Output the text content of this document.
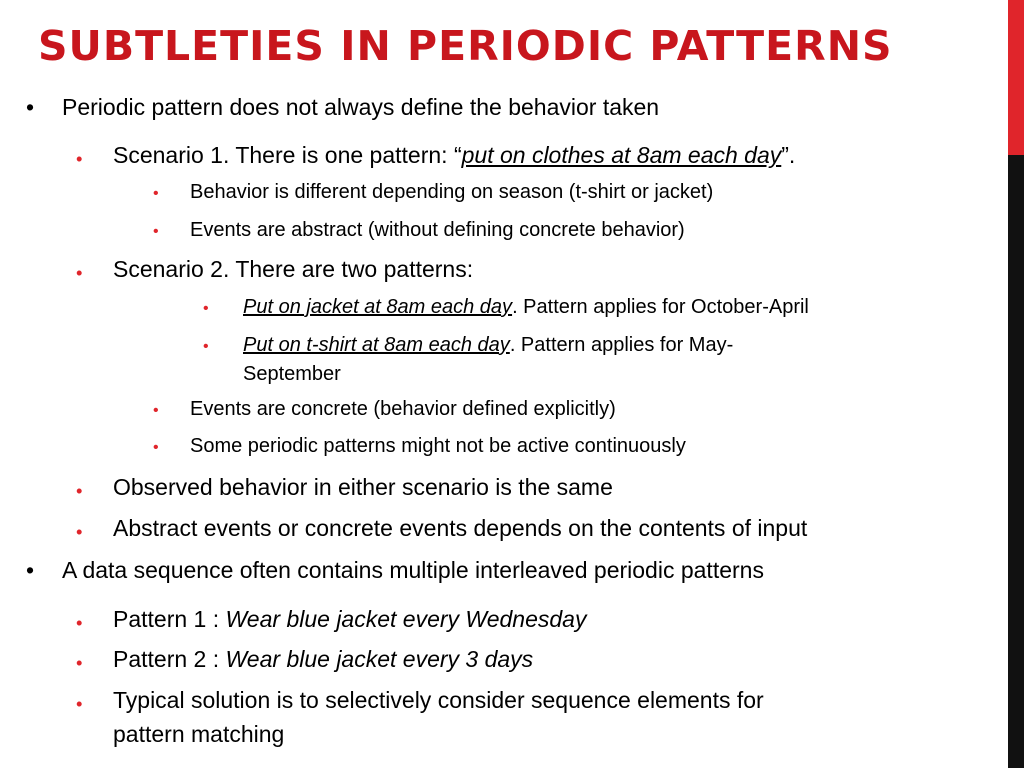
SUBTLETIES IN PERIODIC PATTERNS
• Periodic pattern does not always define the behavior taken
• Scenario 1. There is one pattern: “put on clothes at 8am each day”.
• Behavior is different depending on season (t-shirt or jacket)
• Events are abstract (without defining concrete behavior)
• Scenario 2. There are two patterns:
• Put on jacket at 8am each day. Pattern applies for October-April
• Put on t-shirt at 8am each day. Pattern applies for May-
September
• Events are concrete (behavior defined explicitly)
• Some periodic patterns might not be active continuously
• Observed behavior in either scenario is the same
• Abstract events or concrete events depends on the contents of input
• A data sequence often contains multiple interleaved periodic patterns
• Pattern 1 : Wear blue jacket every Wednesday
• Pattern 2 : Wear blue jacket every 3 days
• Typical solution is to selectively consider sequence elements for
pattern matching
